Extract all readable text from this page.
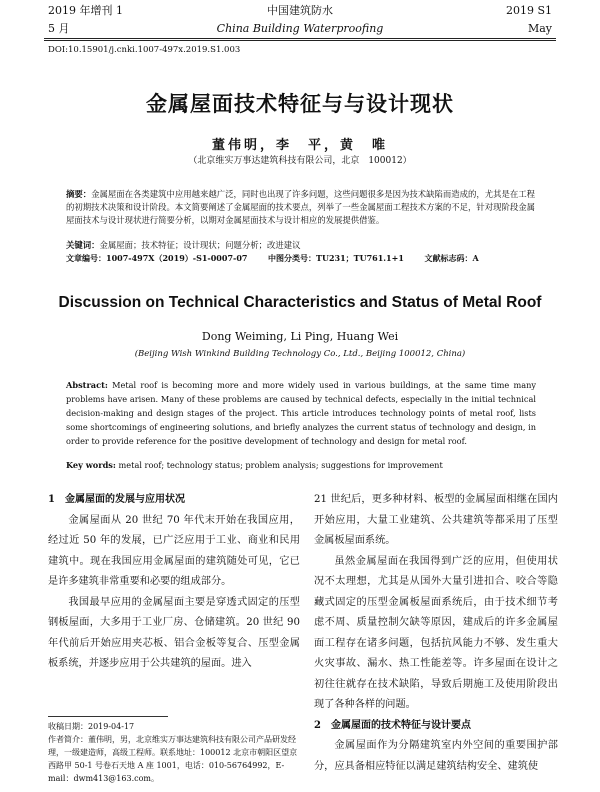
2019 年增刊 1
5 月
中国建筑防水
China Building Waterproofing
2019 S1
May
DOI:10.15901/j.cnki.1007-497x.2019.S1.003
金属屋面技术特征与与设计现状
董伟明，李　平，黄　唯
（北京维实万事达建筑科技有限公司，北京　100012）
摘要：金属屋面在各类建筑中应用越来越广泛，同时也出现了许多问题，这些问题很多是因为技术缺陷而造成的，尤其是在工程的初期技术决策和设计阶段。本文简要阐述了金属屋面的技术要点，列举了一些金属屋面工程技术方案的不足，针对现阶段金属屋面技术与设计现状进行简要分析，以期对金属屋面技术与设计相应的发展提供借鉴。
关键词：金属屋面；技术特征；设计现状；问题分析；改进建议
文章编号：1007-497X（2019）-S1-0007-07	中图分类号：TU231；TU761.1+1	文献标志码：A
Discussion on Technical Characteristics and Status of Metal Roof
Dong Weiming, Li Ping, Huang Wei
(Beijing Wish Winkind Building Technology Co., Ltd., Beijing 100012, China)
Abstract: Metal roof is becoming more and more widely used in various buildings, at the same time many problems have arisen. Many of these problems are caused by technical defects, especially in the initial technical decision-making and design stages of the project. This article introduces technology points of metal roof, lists some shortcomings of engineering solutions, and briefly analyzes the current status of technology and design, in order to provide reference for the positive development of technology and design for metal roof.
Key words: metal roof; technology status; problem analysis; suggestions for improvement
1　金属屋面的发展与应用状况
金属屋面从 20 世纪 70 年代末开始在我国应用，经过近 50 年的发展，已广泛应用于工业、商业和民用建筑中。现在我国应用金属屋面的建筑随处可见，它已是许多建筑非常重要和必要的组成部分。
我国最早应用的金属屋面主要是穿透式固定的压型钢板屋面，大多用于工业厂房、仓储建筑。20 世纪 90 年代前后开始应用夹芯板、铝合金板等复合、压型金属板系统，并逐步应用于公共建筑的屋面。进入
收稿日期：2019-04-17
作者简介：董伟明，男，北京维实万事达建筑科技有限公司产品研发经理，一级建造师，高级工程师。联系地址：100012 北京市朝阳区望京西路甲 50-1 号卷石天地 A 座 1001，电话：010-56764992，E-mail：dwm413@163.com。
21 世纪后，更多种材料、板型的金属屋面相继在国内开始应用，大量工业建筑、公共建筑等都采用了压型金属板屋面系统。
虽然金属屋面在我国得到广泛的应用，但使用状况不太理想，尤其是从国外大量引进扣合、咬合等隐藏式固定的压型金属板屋面系统后，由于技术细节考虑不周、质量控制欠缺等原因，建成后的许多金属屋面工程存在诸多问题，包括抗风能力不够、发生重大火灾事故、漏水、热工性能差等。许多屋面在设计之初往往就存在技术缺陷，导致后期施工及使用阶段出现了各种各样的问题。
2　金属屋面的技术特征与设计要点
金属屋面作为分隔建筑室内外空间的重要围护部分，应具备相应特征以满足建筑结构安全、建筑使
